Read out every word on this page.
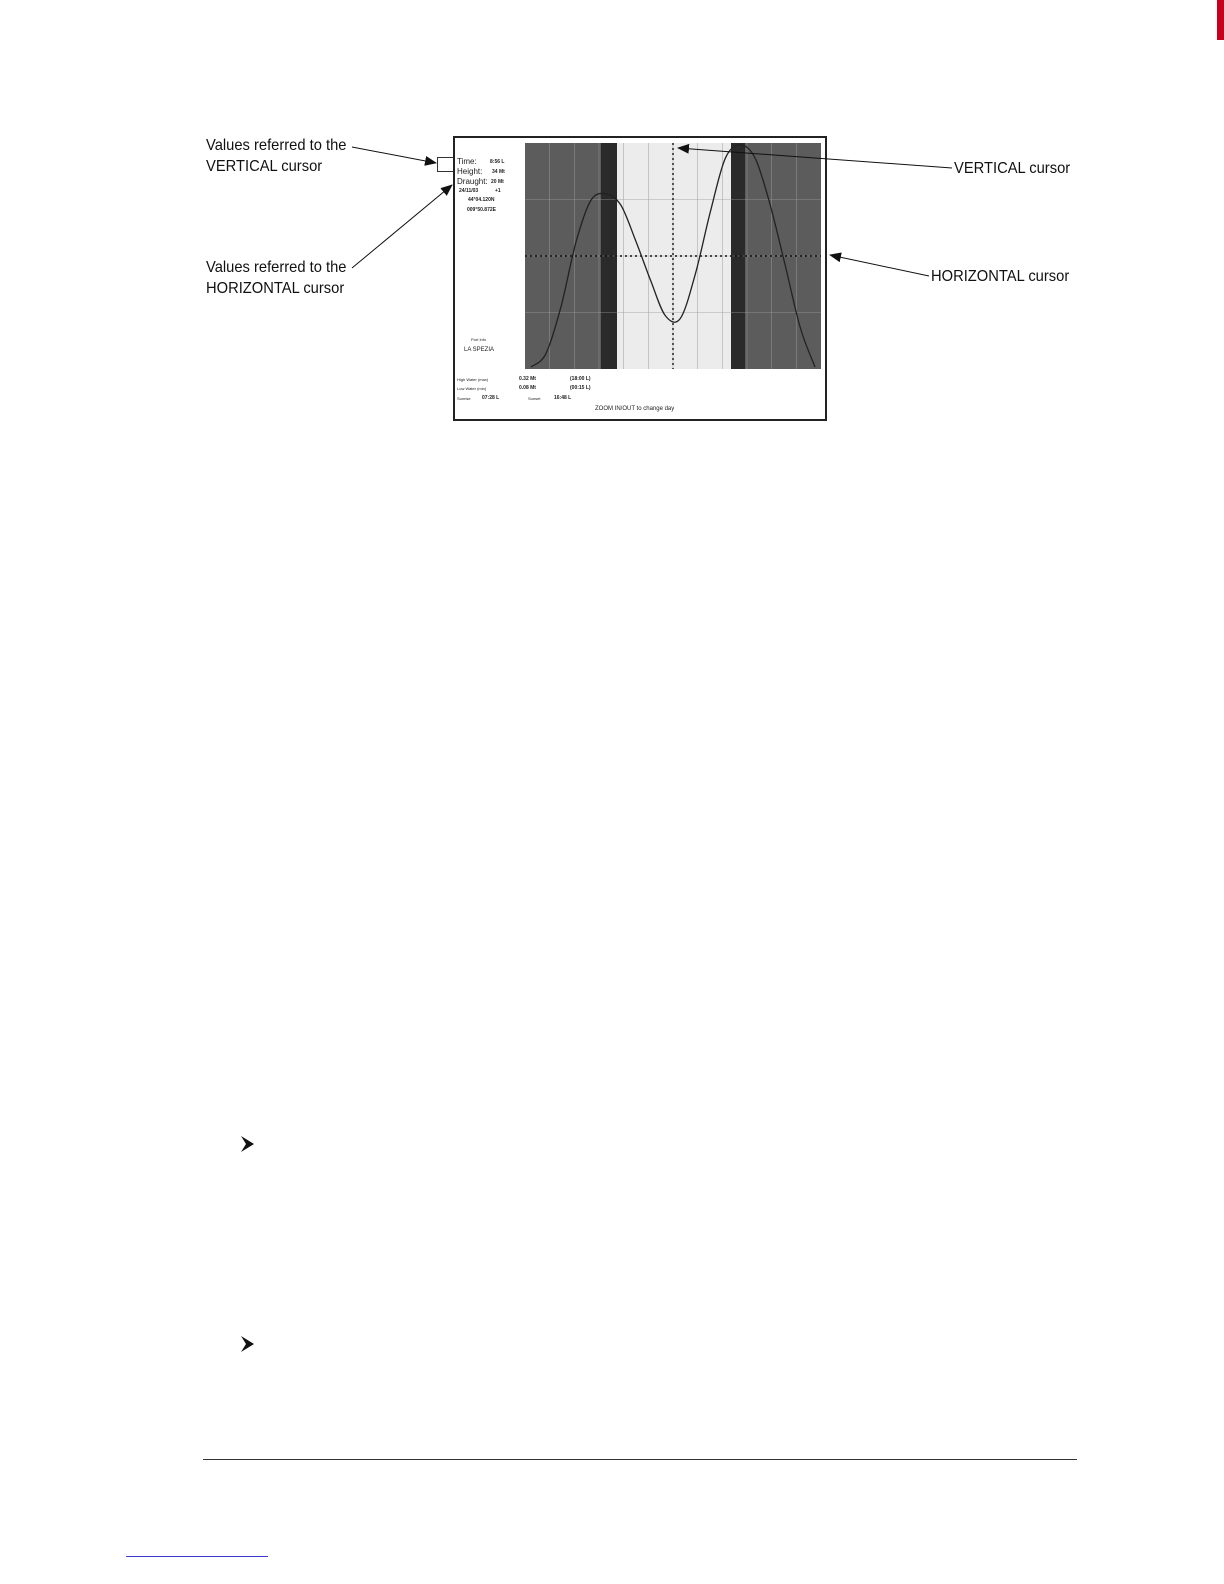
Values referred to the
VERTICAL cursor
Values referred to the
HORIZONTAL cursor
VERTICAL cursor
HORIZONTAL cursor
Time:	8:56 L
Height: 34 Mt
Draught: 20 Mt
24/11/03	+1
44°04.120N
009°50.872E
Port Info
LA SPEZIA
High Water (max)	0.32 Mt	(18:00 L)
Low Water (min)	0.08 Mt	(00:15 L)
Sunrise 07:28 L	Sunset	16:48 L
ZOOM IN/OUT to change day
